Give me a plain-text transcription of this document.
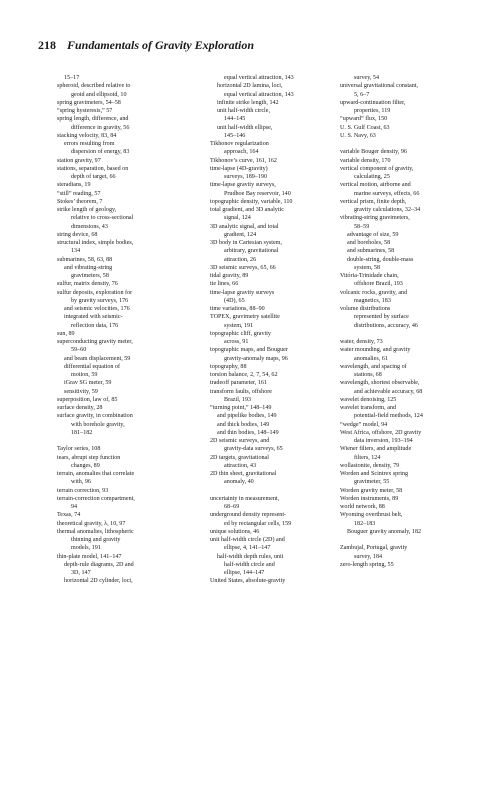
218 Fundamentals of Gravity Exploration
15–17
spheroid, described relative to
geoid and ellipsoid, 10
spring gravimeters, 54–58
“spring hysteresis,” 57
spring length, difference, and
difference in gravity, 56
stacking velocity, 83, 84
errors resulting from
dispersion of energy, 83
station gravity, 97
stations, separation, based on
depth of target, 66
steradians, 19
“still” reading, 57
Stokes’ theorem, 7
strike length of geology,
relative to cross-sectional
dimensions, 43
string device, 68
structural index, simple bodies,
134
submarines, 58, 63, 88
and vibrating-string
gravimeters, 58
sulfur, matrix density, 76
sulfur deposits, exploration for
by gravity surveys, 176
and seismic velocities, 176
integrated with seismic-
reflection data, 176
sun, 89
superconducting gravity meter,
59–60
and beam displacement, 59
differential equation of
motion, 59
iGrav SG meter, 59
sensitivity, 59
superposition, law of, 85
surface density, 28
surface gravity, in combination
with borehole gravity,
181–182
Taylor series, 108
tears, abrupt step function
changes, 89
terrain, anomalies that correlate
with, 96
terrain correction, 93
terrain-correction compartment,
94
Texas, 74
theoretical gravity, λ, 10, 97
thermal anomalies, lithospheric
thinning and gravity
models, 191
thin-plate model, 141–147
depth-rule diagrams, 2D and
3D, 147
horizontal 2D cylinder, loci,
equal vertical attraction, 143
horizontal 2D lamina, loci,
equal vertical attraction, 143
infinite strike length, 142
unit half-width circle,
144–145
unit half-width ellipse,
145–146
Tikhonov regularization
approach, 164
Tikhonov’s curve, 161, 162
time-lapse (4D-gravity)
surveys, 189–190
time-lapse gravity surveys,
Prudhoe Bay reservoir, 140
topographic density, variable, 110
total gradient, and 3D analytic
signal, 124
3D analytic signal, and total
gradient, 124
3D body in Cartesian system,
arbitrary, gravitational
attraction, 26
3D seismic surveys, 65, 66
tidal gravity, 89
tie lines, 66
time-lapse gravity surveys
(4D), 65
time variations, 88–90
TOPEX, gravimetry satellite
system, 191
topographic cliff, gravity
across, 91
topographic maps, and Bouguer
gravity-anomaly maps, 96
topography, 88
torsion balance, 2, 7, 54, 62
tradeoff parameter, 161
transform faults, offshore
Brazil, 193
“turning point,” 148–149
and pipelike bodies, 149
and thick bodies, 149
and thin bodies, 148–149
2D seismic surveys, and
gravity-data surveys, 65
2D targets, gravitational
attraction, 43
2D thin sheet, gravitational
anomaly, 40
uncertainty in measurement,
68–69
underground density represent-
ed by rectangular cells, 159
unique solutions, 46
unit half-width circle (2D) and
ellipse, 4, 141–147
half-width depth rules, unit
half-width circle and
ellipse, 144–147
United States, absolute-gravity
survey, 54
universal gravitational constant,
5, 6–7
upward-continuation filter,
properties, 119
“upward” flux, 150
U. S. Gulf Coast, 63
U. S. Navy, 63
variable Bouger density, 96
variable density, 170
vertical component of gravity,
calculating, 25
vertical motion, airborne and
marine surveys, effects, 66
vertical prism, finite depth,
gravity calculations, 32–34
vibrating-string gravimeters,
58–59
advantage of size, 59
and boreholes, 58
and submarines, 58
double-string, double-mass
system, 58
Vitória-Trinidade chain,
offshore Brazil, 193
volcanic rocks, gravity, and
magnetics, 183
volume distributions
represented by surface
distributions, accuracy, 46
water, density, 73
water mounding, and gravity
anomalies, 61
wavelength, and spacing of
stations, 68
wavelength, shortest observable,
and achievable accuracy, 68
wavelet denoising, 125
wavelet transform, and
potential-field methods, 124
“wedge” model, 94
West Africa, offshore, 2D gravity
data inversion, 193–194
Wiener filters, and amplitude
filters, 124
wollastonite, density, 79
Worden and Scintrex spring
gravimeter, 55
Worden gravity meter, 58
Worden instruments, 89
world network, 88
Wyoming overthrust belt,
182–183
Bouguer gravity anomaly, 182
Zambujal, Portugal, gravity
survey, 184
zero-length spring, 55
